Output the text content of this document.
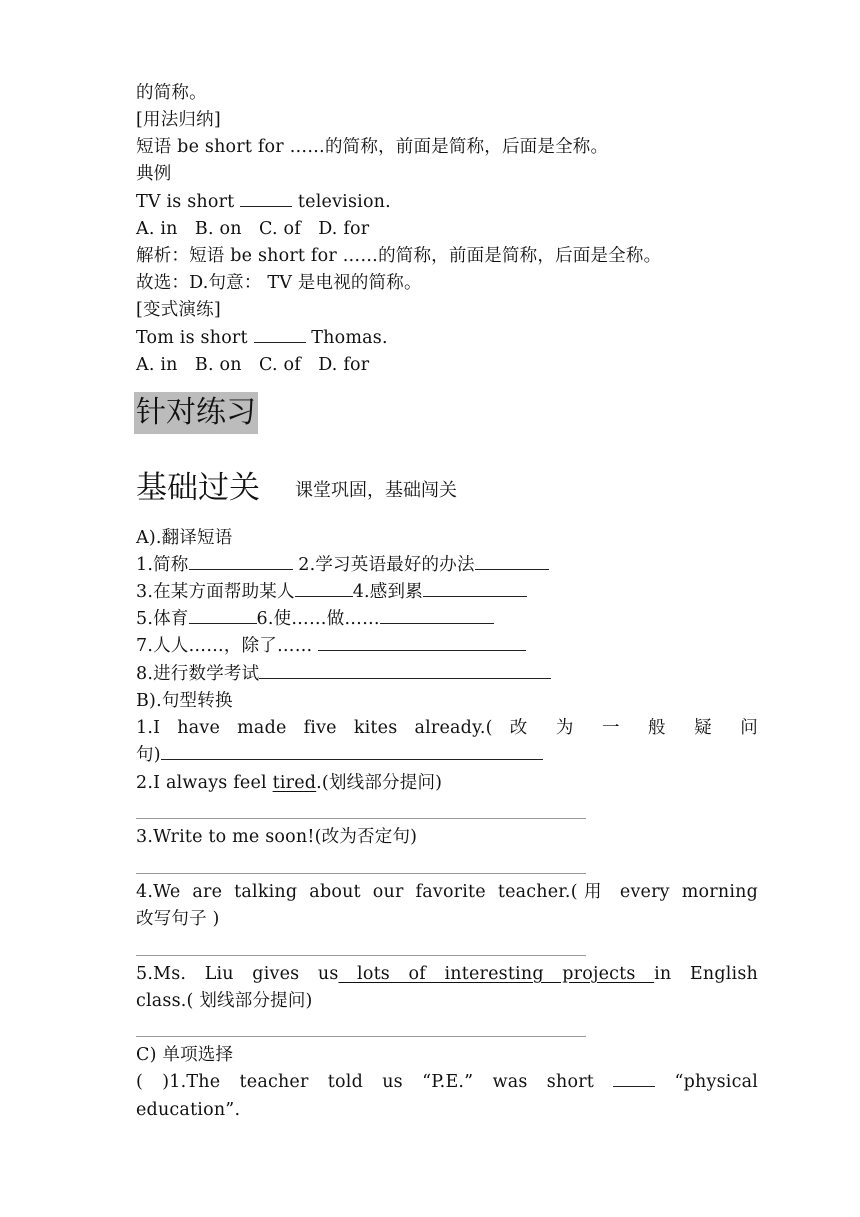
的简称。
[用法归纳]
短语 be short for ……的简称，前面是简称，后面是全称。
典例
TV is short	television.
A. in   B. on   C. of   D. for
解析：短语 be short for ……的简称，前面是简称，后面是全称。
故选：D.句意： TV 是电视的简称。
[变式演练]
Tom is short	Thomas.
A. in   B. on   C. of   D. for
针对练习
基础过关 课堂巩固，基础闯关
A).翻译短语
1.简称	2.学习英语最好的办法
3.在某方面帮助某人	4.感到累
5.体育	6.使……做……
7.人人……，除了……
8.进行数学考试
B).句型转换
1.I have made five kites already.( 改 为 一 般 疑 问
句)
2.I always feel tired.(划线部分提问)
3.Write to me soon!(改为否定句)
4.We are talking about our favorite teacher.(用 every morning
改写句子 )
5.Ms. Liu gives us lots of interesting projects in English
class.( 划线部分提问)
C) 单项选择
( )1.The teacher told us “P.E.” was short  “physical
education”.
